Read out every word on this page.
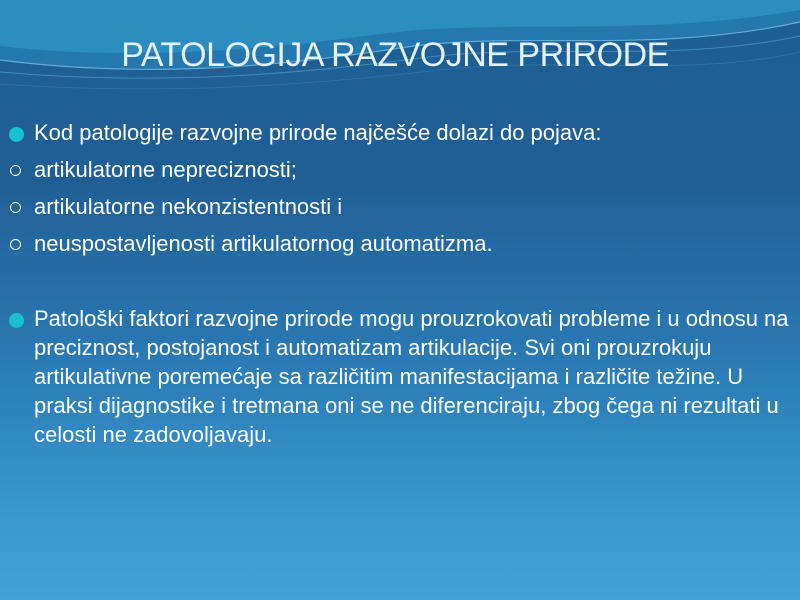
PATOLOGIJA RAZVOJNE PRIRODE
Kod patologije razvojne prirode najčešće dolazi do pojava:
artikulatorne nepreciznosti;
artikulatorne nekonzistentnosti i
neuspostavljenosti artikulatornog automatizma.
Patološki faktori razvojne prirode mogu prouzrokovati probleme i u odnosu na preciznost, postojanost i automatizam artikulacije. Svi oni prouzrokuju artikulativne poremećaje sa različitim manifestacijama i različite težine. U praksi dijagnostike i tretmana oni se ne diferenciraju, zbog čega ni rezultati u celosti ne zadovoljavaju.
